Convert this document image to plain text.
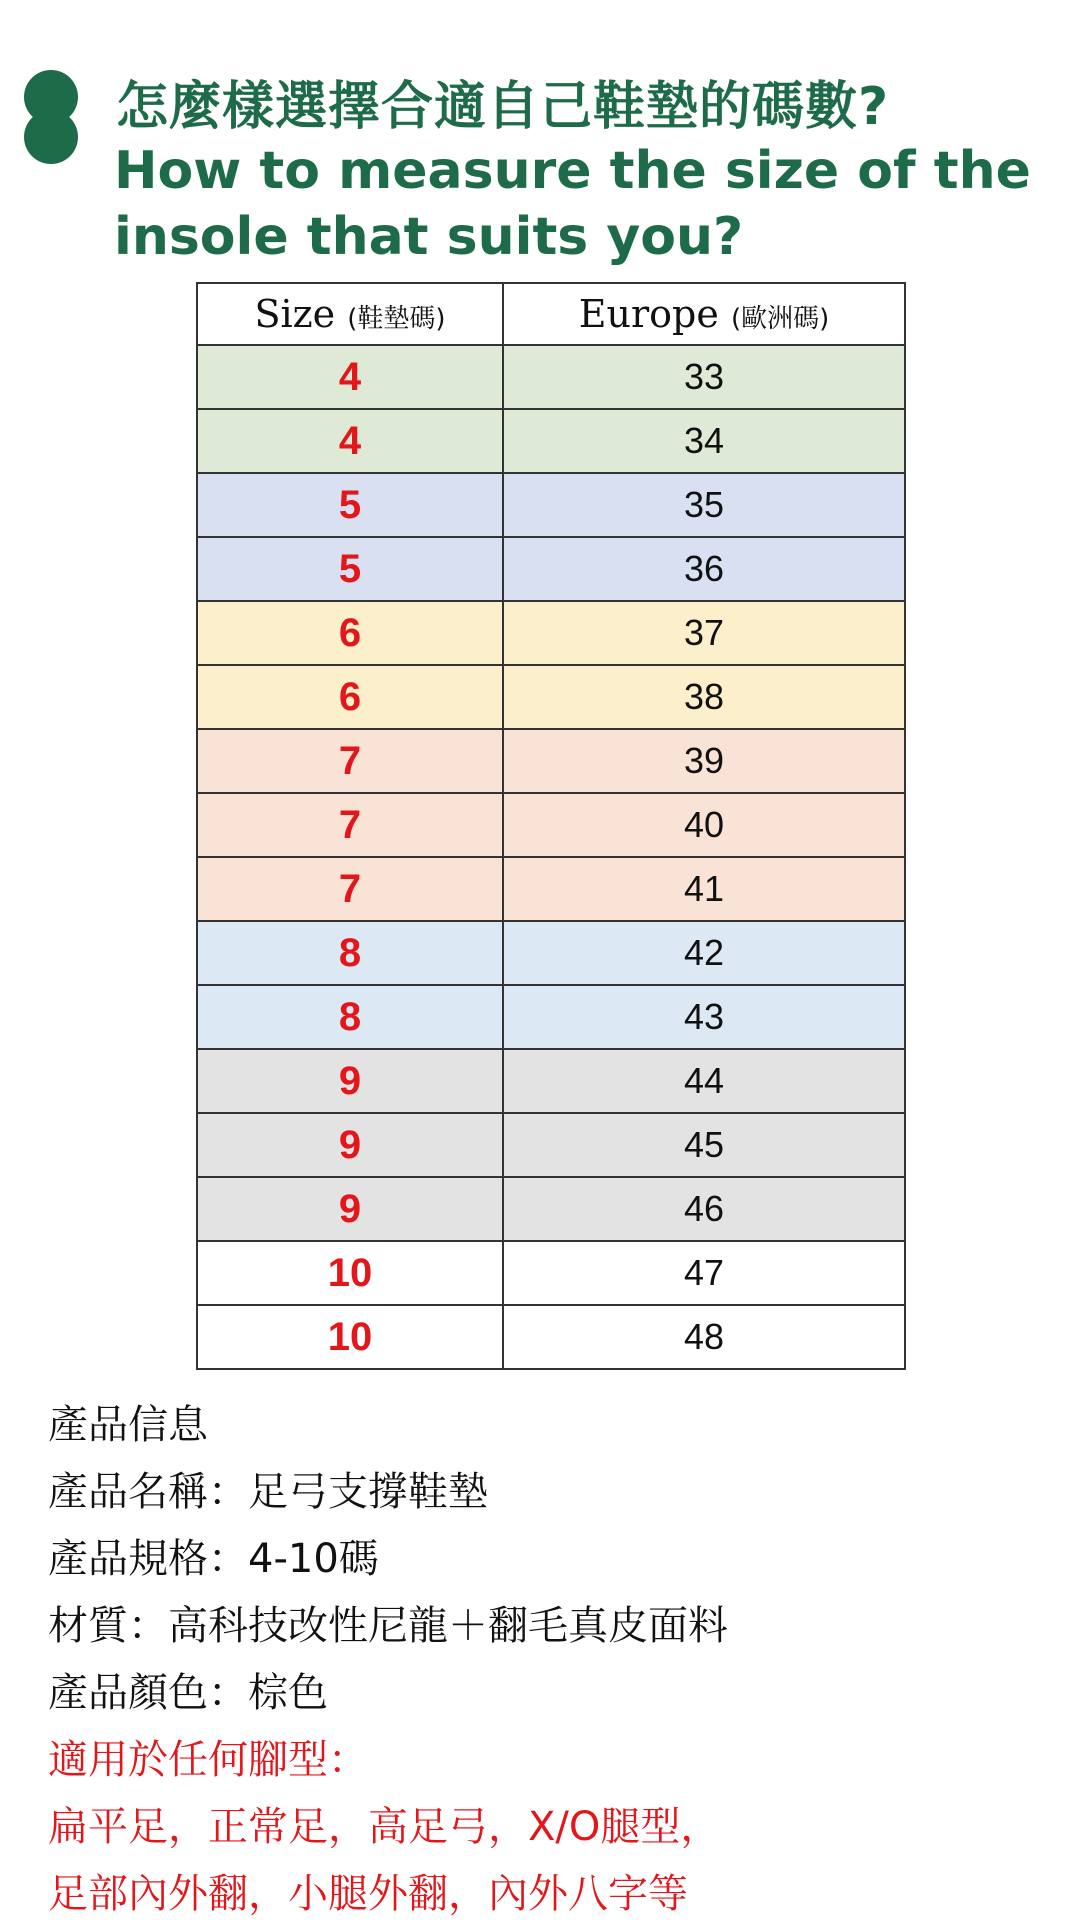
怎麼樣選擇合適自己鞋墊的碼數?
How to measure the size of the insole that suits you?
Size (鞋墊碼)	Europe (歐洲碼)
4	33
4	34
5	35
5	36
6	37
6	38
7	39
7	40
7	41
8	42
8	43
9	44
9	45
9	46
10	47
10	48
產品信息
產品名稱：足弓支撐鞋墊
產品規格：4-10碼
材質：高科技改性尼龍＋翻毛真皮面料
產品顏色：棕色
適用於任何腳型：
扁平足，正常足，高足弓，X/O腿型，
足部內外翻，小腿外翻，內外八字等
